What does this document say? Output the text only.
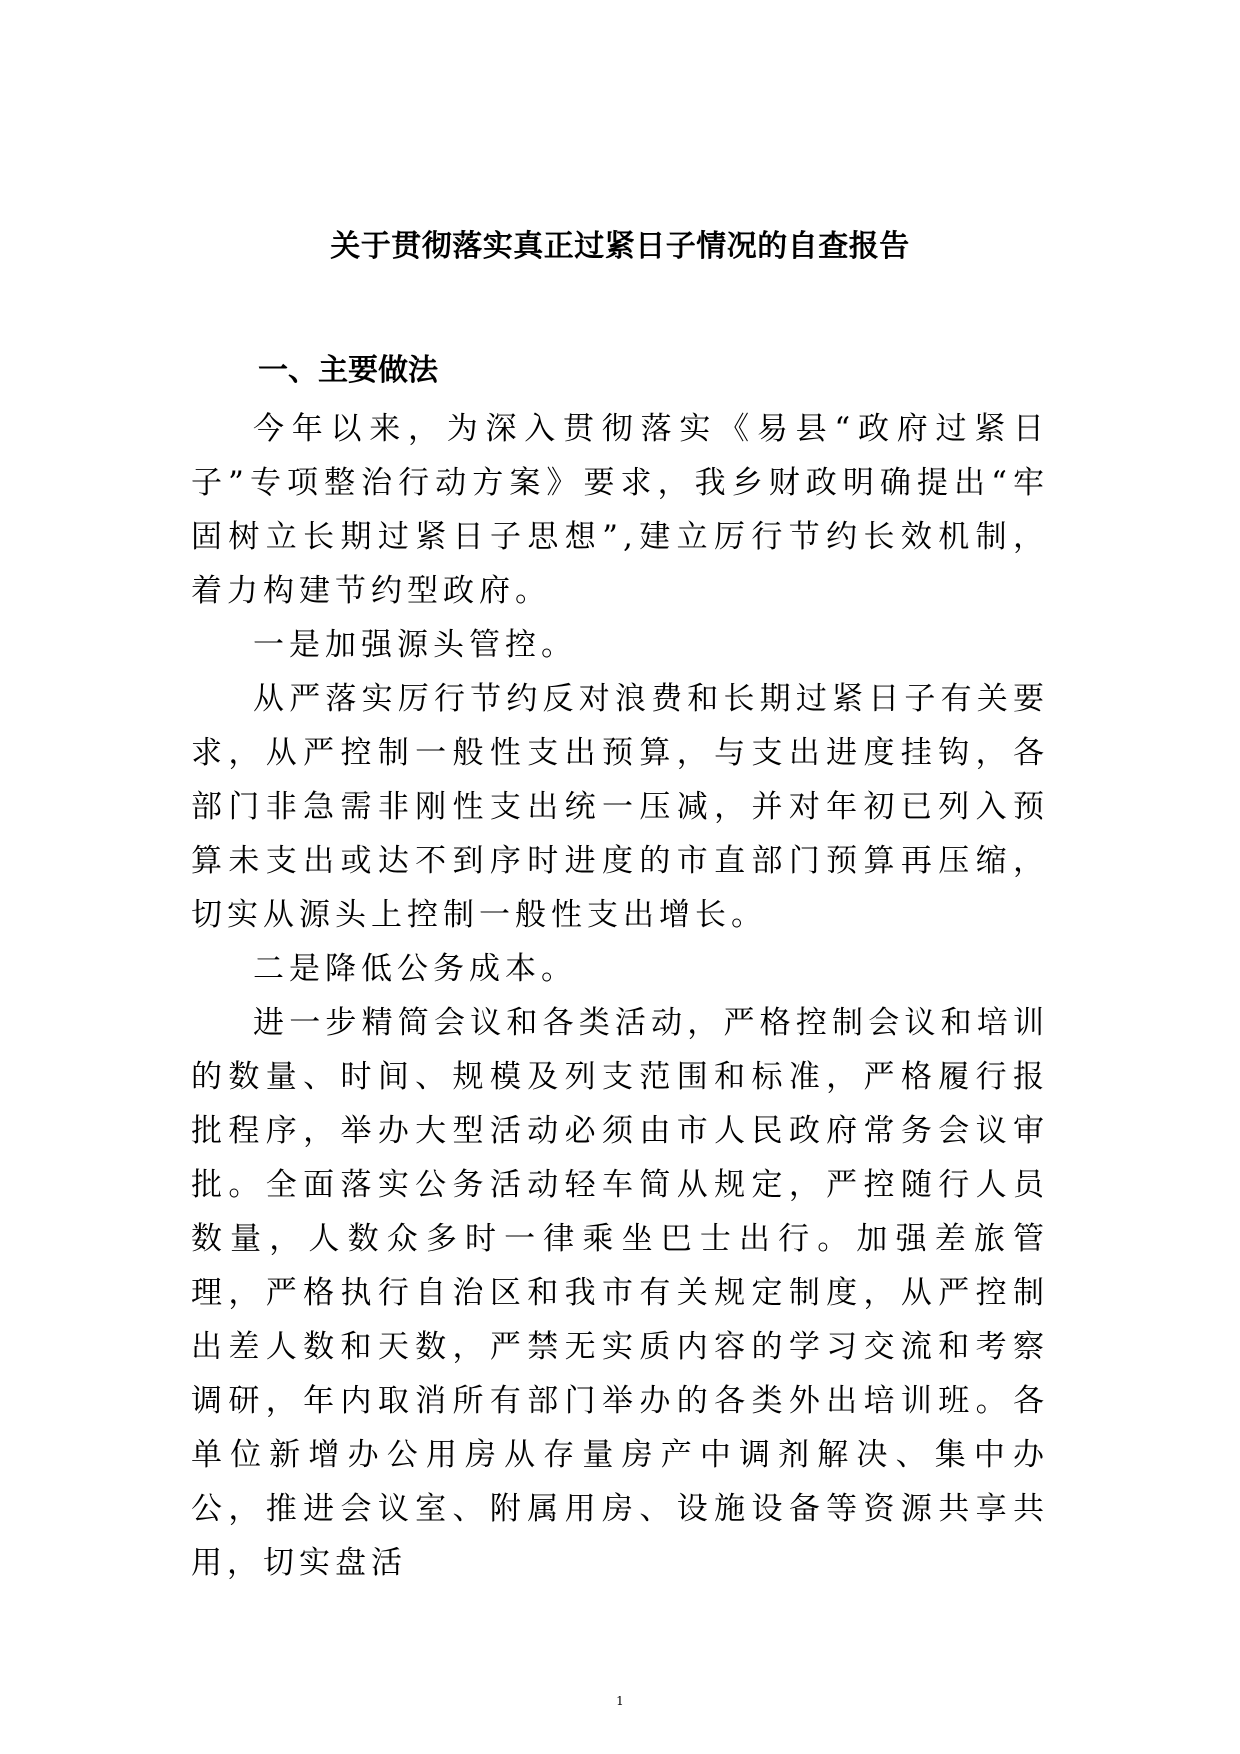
关于贯彻落实真正过紧日子情况的自查报告
一、主要做法

今年以来，为深入贯彻落实《易县“政府过紧日子”专项整治行动方案》要求，我乡财政明确提出“牢固树立长期过紧日子思想”,建立厉行节约长效机制，着力构建节约型政府。

一是加强源头管控。

从严落实厉行节约反对浪费和长期过紧日子有关要求，从严控制一般性支出预算，与支出进度挂钩，各部门非急需非刚性支出统一压减，并对年初已列入预算未支出或达不到序时进度的市直部门预算再压缩，切实从源头上控制一般性支出增长。

二是降低公务成本。

进一步精简会议和各类活动，严格控制会议和培训的数量、时间、规模及列支范围和标准，严格履行报批程序，举办大型活动必须由市人民政府常务会议审批。全面落实公务活动轻车简从规定，严控随行人员数量，人数众多时一律乘坐巴士出行。加强差旅管理，严格执行自治区和我市有关规定制度，从严控制出差人数和天数，严禁无实质内容的学习交流和考察调研，年内取消所有部门举办的各类外出培训班。各单位新增办公用房从存量房产中调剂解决、集中办公，推进会议室、附属用房、设施设备等资源共享共用，切实盘活

1
